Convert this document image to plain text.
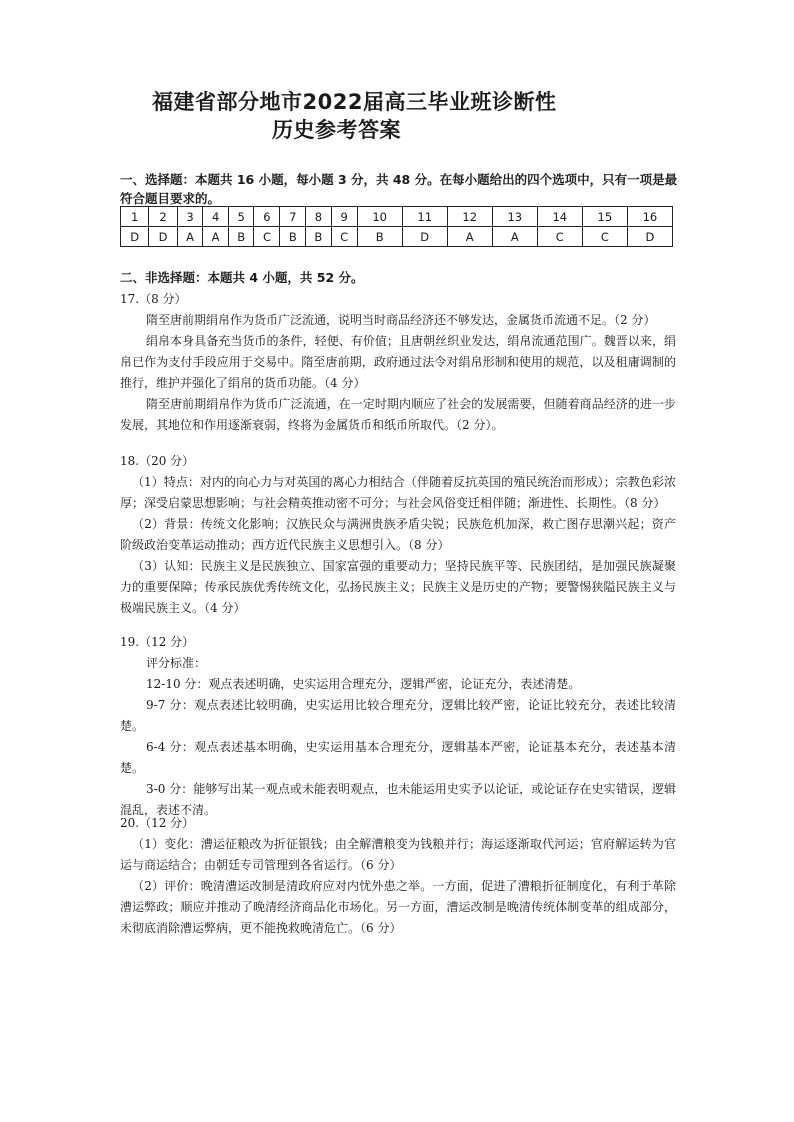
福建省部分地市2022届高三毕业班诊断性
历史参考答案
一、选择题：本题共 16 小题，每小题 3 分，共 48 分。在每小题给出的四个选项中，只有一项是最符合题目要求的。
1	2	3	4	5	6	7	8	9	10	11	12	13	14	15	16
D	D	A	A	B	C	B	B	C	B	D	A	A	C	C	D
二、非选择题：本题共 4 小题，共 52 分。

17.（8 分）

隋至唐前期绢帛作为货币广泛流通，说明当时商品经济还不够发达，金属货币流通不足。（2 分）

绢帛本身具备充当货币的条件，轻便、有价值；且唐朝丝织业发达，绢帛流通范围广。魏晋以来，绢帛已作为支付手段应用于交易中。隋至唐前期，政府通过法令对绢帛形制和使用的规范，以及租庸调制的推行，维护并强化了绢帛的货币功能。（4 分）

隋至唐前期绢帛作为货币广泛流通，在一定时期内顺应了社会的发展需要，但随着商品经济的进一步发展，其地位和作用逐渐衰弱，终将为金属货币和纸币所取代。（2 分）。

18.（20 分）

（1）特点：对内的向心力与对英国的离心力相结合（伴随着反抗英国的殖民统治而形成）；宗教色彩浓厚；深受启蒙思想影响；与社会精英推动密不可分；与社会风俗变迁相伴随；渐进性、长期性。（8 分）

（2）背景：传统文化影响；汉族民众与满洲贵族矛盾尖锐；民族危机加深，救亡图存思潮兴起；资产阶级政治变革运动推动；西方近代民族主义思想引入。（8 分）

（3）认知：民族主义是民族独立、国家富强的重要动力；坚持民族平等、民族团结，是加强民族凝聚力的重要保障；传承民族优秀传统文化，弘扬民族主义；民族主义是历史的产物；要警惕狭隘民族主义与极端民族主义。（4 分）

19.（12 分）

评分标准：

12-10 分：观点表述明确，史实运用合理充分，逻辑严密，论证充分，表述清楚。

9-7 分：观点表述比较明确，史实运用比较合理充分，逻辑比较严密，论证比较充分，表述比较清楚。

6-4 分：观点表述基本明确，史实运用基本合理充分，逻辑基本严密，论证基本充分，表述基本清楚。

3-0 分：能够写出某一观点或未能表明观点，也未能运用史实予以论证，或论证存在史实错误，逻辑混乱，表述不清。

20.（12 分）

（1）变化：漕运征粮改为折征银钱；由全解漕粮变为钱粮并行；海运逐渐取代河运；官府解运转为官运与商运结合；由朝廷专司管理到各省运行。（6 分）

（2）评价：晚清漕运改制是清政府应对内忧外患之举。一方面，促进了漕粮折征制度化，有利于革除漕运弊政；顺应并推动了晚清经济商品化市场化。另一方面，漕运改制是晚清传统体制变革的组成部分，未彻底消除漕运弊病，更不能挽救晚清危亡。（6 分）
